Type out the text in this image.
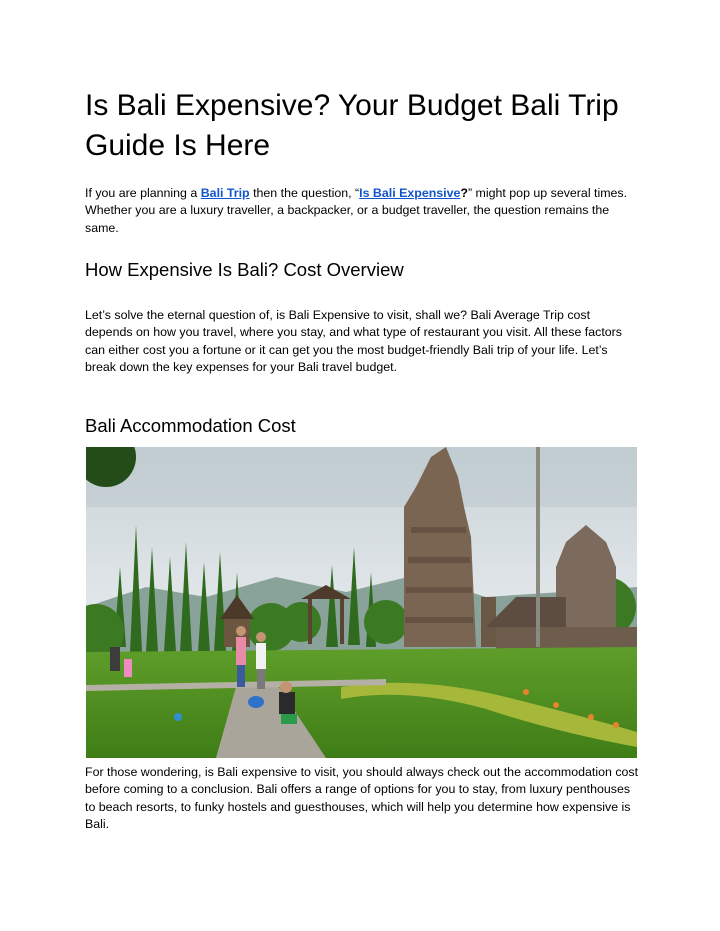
Is Bali Expensive? Your Budget Bali Trip Guide Is Here

If you are planning a Bali Trip then the question, “Is Bali Expensive?” might pop up several times. Whether you are a luxury traveller, a backpacker, or a budget traveller, the question remains the same.

How Expensive Is Bali? Cost Overview

Let’s solve the eternal question of, is Bali Expensive to visit, shall we? Bali Average Trip cost depends on how you travel, where you stay, and what type of restaurant you visit. All these factors can either cost you a fortune or it can get you the most budget-friendly Bali trip of your life. Let’s break down the key expenses for your Bali travel budget.

Bali Accommodation Cost

For those wondering, is Bali expensive to visit, you should always check out the accommodation cost before coming to a conclusion. Bali offers a range of options for you to stay, from luxury penthouses to beach resorts, to funky hostels and guesthouses, which will help you determine how expensive is Bali.
